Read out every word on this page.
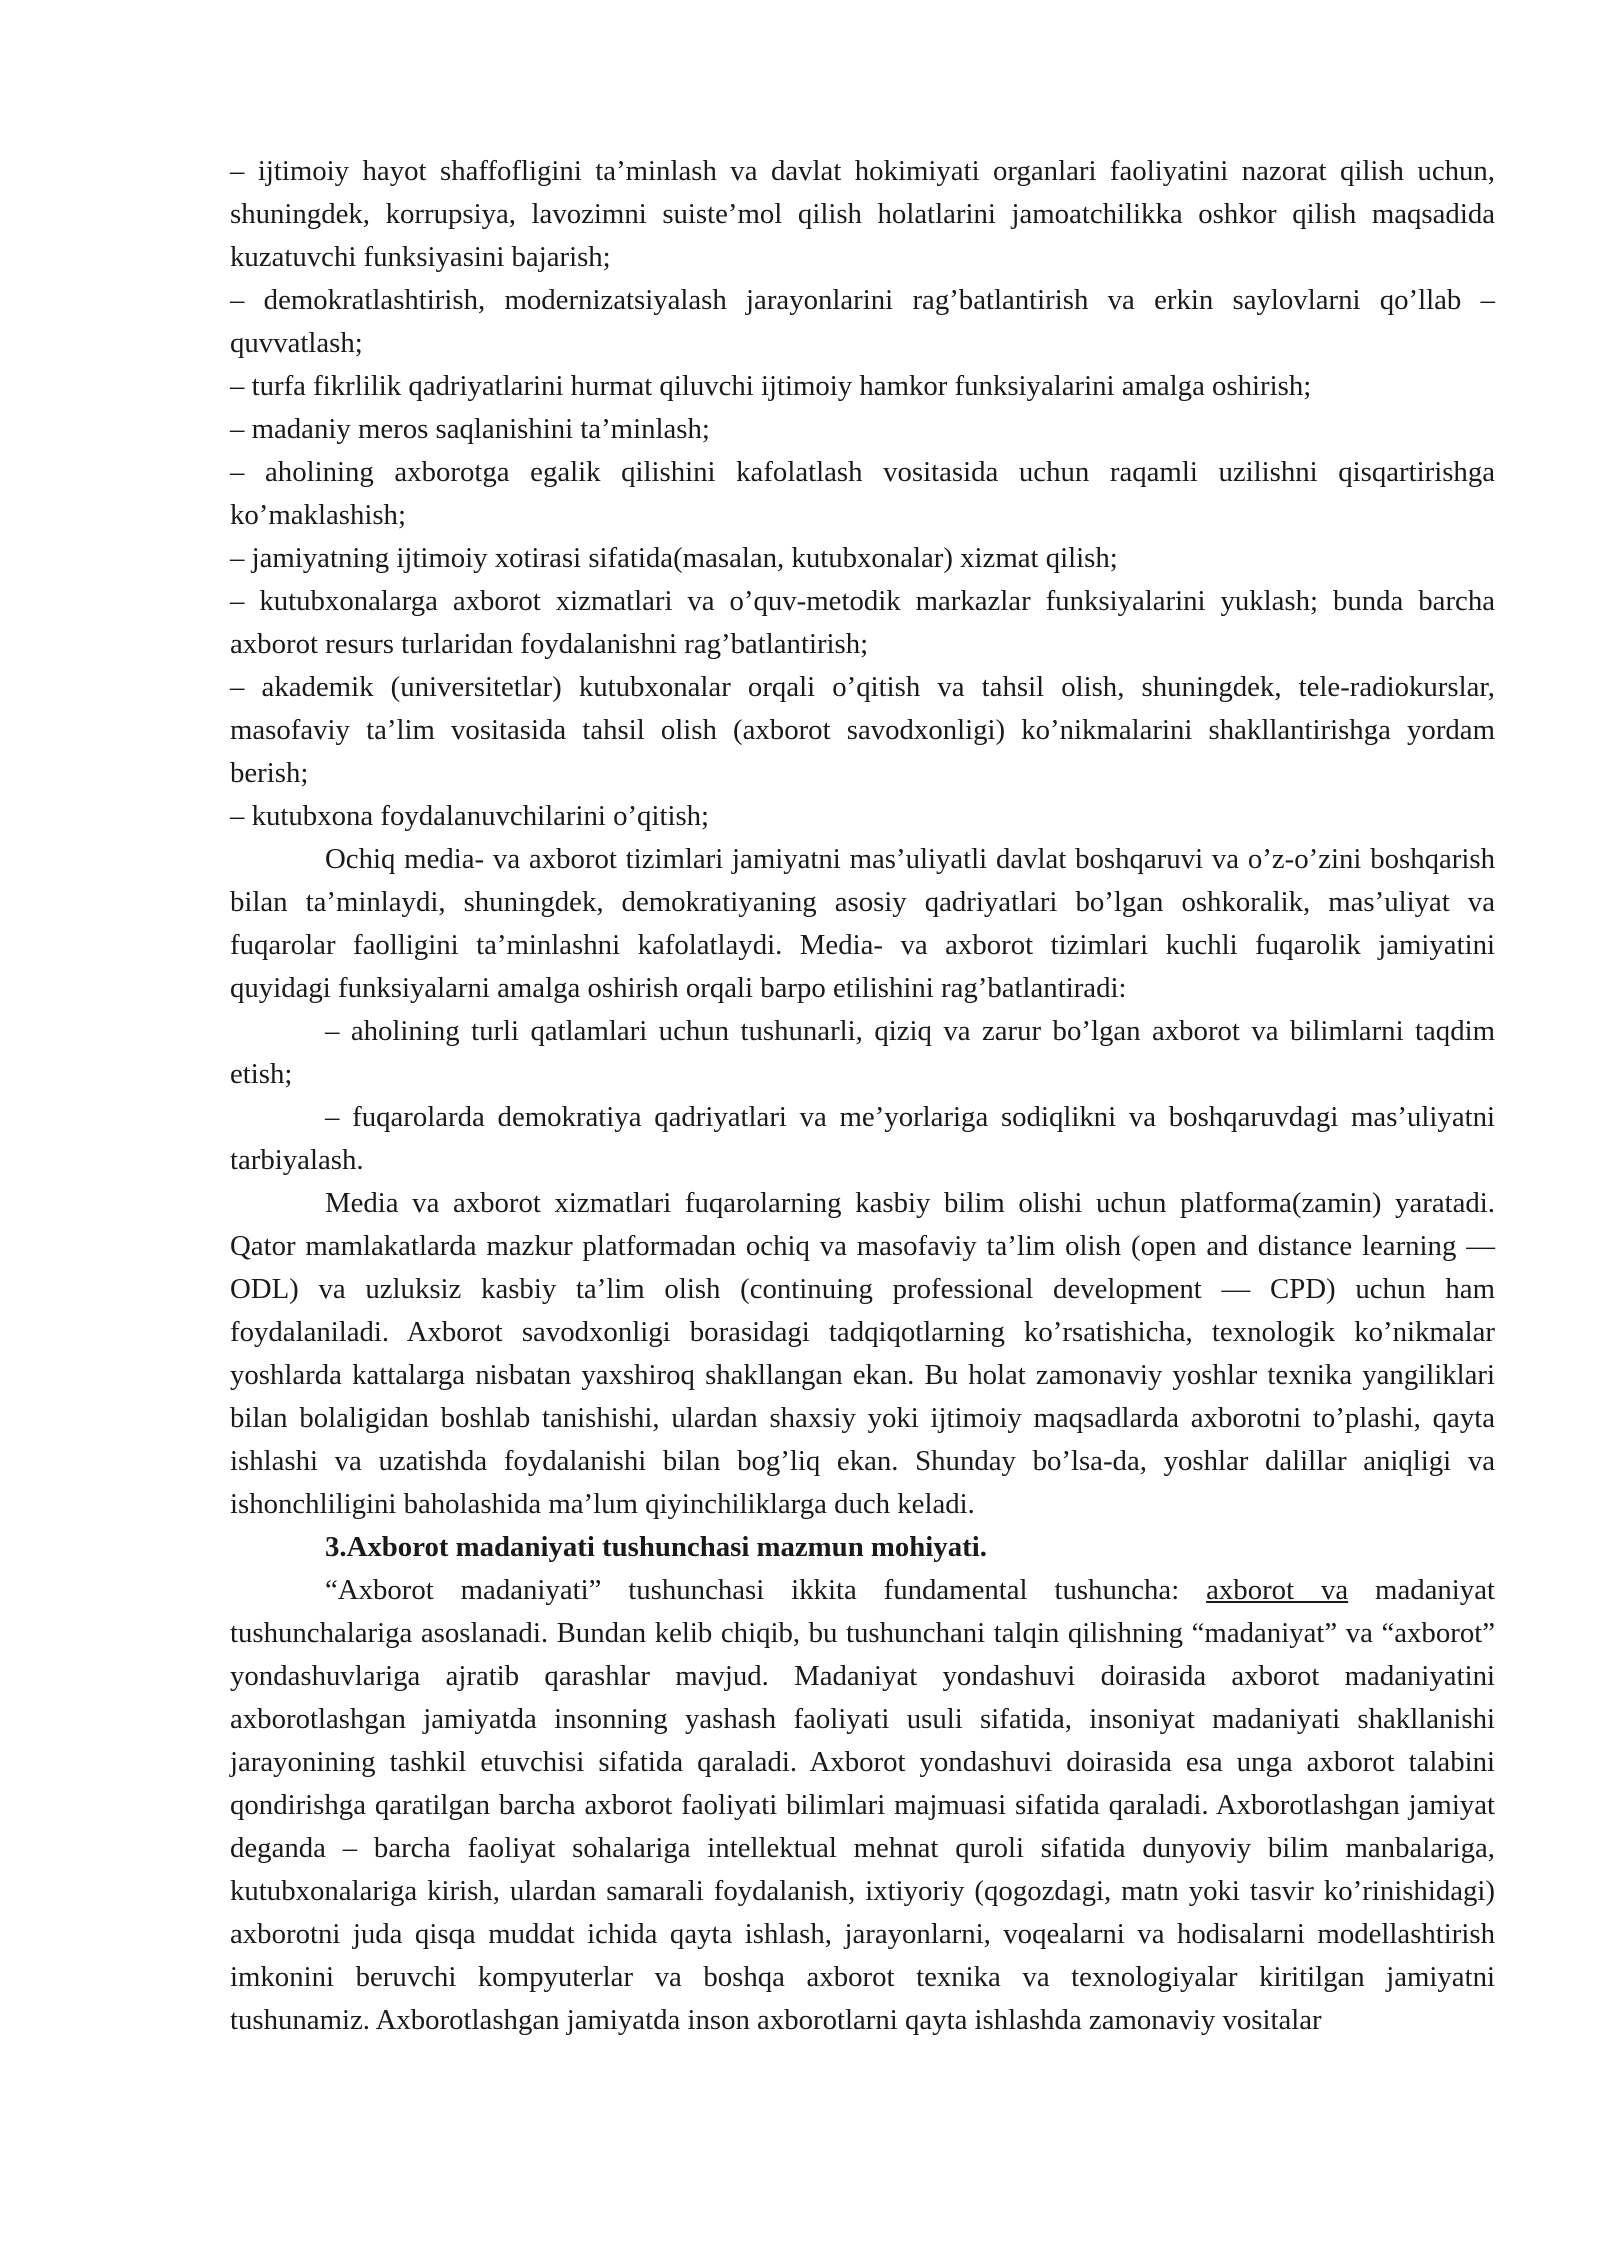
– ijtimoiy hayot shaffofligini ta’minlash va davlat hokimiyati organlari faoliyatini nazorat qilish uchun, shuningdek, korrupsiya, lavozimni suiste’mol qilish holatlarini jamoatchilikka oshkor qilish maqsadida kuzatuvchi funksiyasini bajarish;

– demokratlashtirish, modernizatsiyalash jarayonlarini rag’batlantirish va erkin saylovlarni qo’llab –quvvatlash;

– turfa fikrlilik qadriyatlarini hurmat qiluvchi ijtimoiy hamkor funksiyalarini amalga oshirish;

– madaniy meros saqlanishini ta’minlash;

– aholining axborotga egalik qilishini kafolatlash vositasida uchun raqamli uzilishni qisqartirishga ko’maklashish;

– jamiyatning ijtimoiy xotirasi sifatida(masalan, kutubxonalar) xizmat qilish;

– kutubxonalarga axborot xizmatlari va o’quv-metodik markazlar funksiyalarini yuklash; bunda barcha axborot resurs turlaridan foydalanishni rag’batlantirish;

– akademik (universitetlar) kutubxonalar orqali o’qitish va tahsil olish, shuningdek, tele-radiokurslar, masofaviy ta’lim vositasida tahsil olish (axborot savodxonligi) ko’nikmalarini shakllantirishga yordam berish;

– kutubxona foydalanuvchilarini o’qitish;

Ochiq media- va axborot tizimlari jamiyatni mas’uliyatli davlat boshqaruvi va o’z-o’zini boshqarish bilan ta’minlaydi, shuningdek, demokratiyaning asosiy qadriyatlari bo’lgan oshkoralik, mas’uliyat va fuqarolar faolligini ta’minlashni kafolatlaydi. Media- va axborot tizimlari kuchli fuqarolik jamiyatini quyidagi funksiyalarni amalga oshirish orqali barpo etilishini rag’batlantiradi:

– aholining turli qatlamlari uchun tushunarli, qiziq va zarur bo’lgan axborot va bilimlarni taqdim etish;

– fuqarolarda demokratiya qadriyatlari va me’yorlariga sodiqlikni va boshqaruvdagi mas’uliyatni tarbiyalash.

Media va axborot xizmatlari fuqarolarning kasbiy bilim olishi uchun platforma(zamin) yaratadi. Qator mamlakatlarda mazkur platformadan ochiq va masofaviy ta’lim olish (open and distance learning — ODL) va uzluksiz kasbiy ta’lim olish (continuing professional development — CPD) uchun ham foydalaniladi. Axborot savodxonligi borasidagi tadqiqotlarning ko’rsatishicha, texnologik ko’nikmalar yoshlarda kattalarga nisbatan yaxshiroq shakllangan ekan. Bu holat zamonaviy yoshlar texnika yangiliklari bilan bolaligidan boshlab tanishishi, ulardan shaxsiy yoki ijtimoiy maqsadlarda axborotni to’plashi, qayta ishlashi va uzatishda foydalanishi bilan bog’liq ekan. Shunday bo’lsa-da, yoshlar dalillar aniqligi va ishonchliligini baholashida ma’lum qiyinchiliklarga duch keladi.

3.Axborot madaniyati tushunchasi mazmun mohiyati.

“Axborot madaniyati” tushunchasi ikkita fundamental tushuncha: axborot va madaniyat tushunchalariga asoslanadi. Bundan kelib chiqib, bu tushunchani talqin qilishning “madaniyat” va “axborot” yondashuvlariga ajratib qarashlar mavjud. Madaniyat yondashuvi doirasida axborot madaniyatini axborotlashgan jamiyatda insonning yashash faoliyati usuli sifatida, insoniyat madaniyati shakllanishi jarayonining tashkil etuvchisi sifatida qaraladi. Axborot yondashuvi doirasida esa unga axborot talabini qondirishga qaratilgan barcha axborot faoliyati bilimlari majmuasi sifatida qaraladi. Axborotlashgan jamiyat deganda – barcha faoliyat sohalariga intellektual mehnat quroli sifatida dunyoviy bilim manbalariga, kutubxonalariga kirish, ulardan samarali foydalanish, ixtiyoriy (qogozdagi, matn yoki tasvir ko’rinishidagi) axborotni juda qisqa muddat ichida qayta ishlash, jarayonlarni, voqealarni va hodisalarni modellashtirish imkonini beruvchi kompyuterlar va boshqa axborot texnika va texnologiyalar kiritilgan jamiyatni tushunamiz. Axborotlashgan jamiyatda inson axborotlarni qayta ishlashda zamonaviy vositalar
